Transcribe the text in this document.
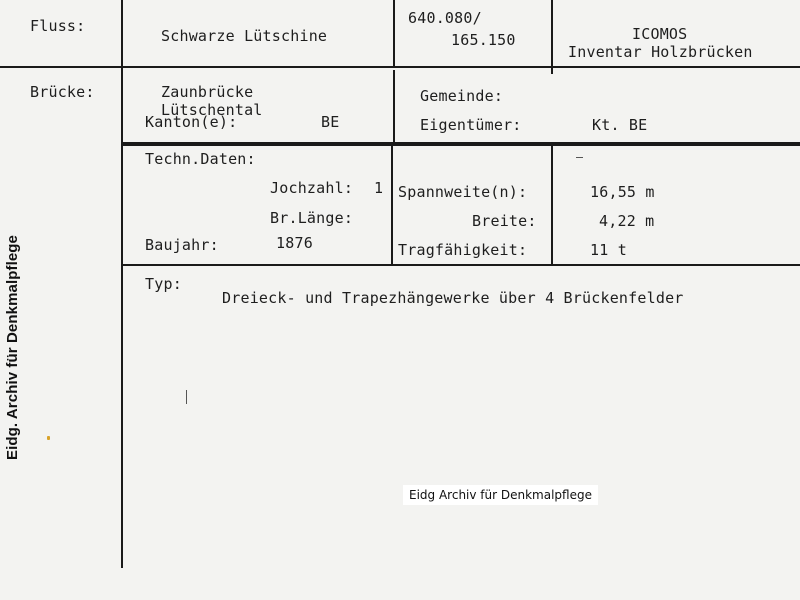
Fluss:
Schwarze Lütschine
640.080/
165.150	ICOMOS
Inventar Holzbrücken
Brücke:	Zaunbrücke
Lütschental
Kanton(e):	BE
Gemeinde:
Eigentümer:	Kt. BE
Techn.Daten:
Jochzahl: 1
Br.Länge:
Baujahr:	1876
Spannweite(n):	16,55 m
Breite:	4,22 m
Tragfähigkeit:	11 t
Typ:
Dreieck- und Trapezhängewerke über 4 Brückenfelder
Eidg. Archiv für Denkmalpflege
Eidg Archiv für Denkmalpflege
